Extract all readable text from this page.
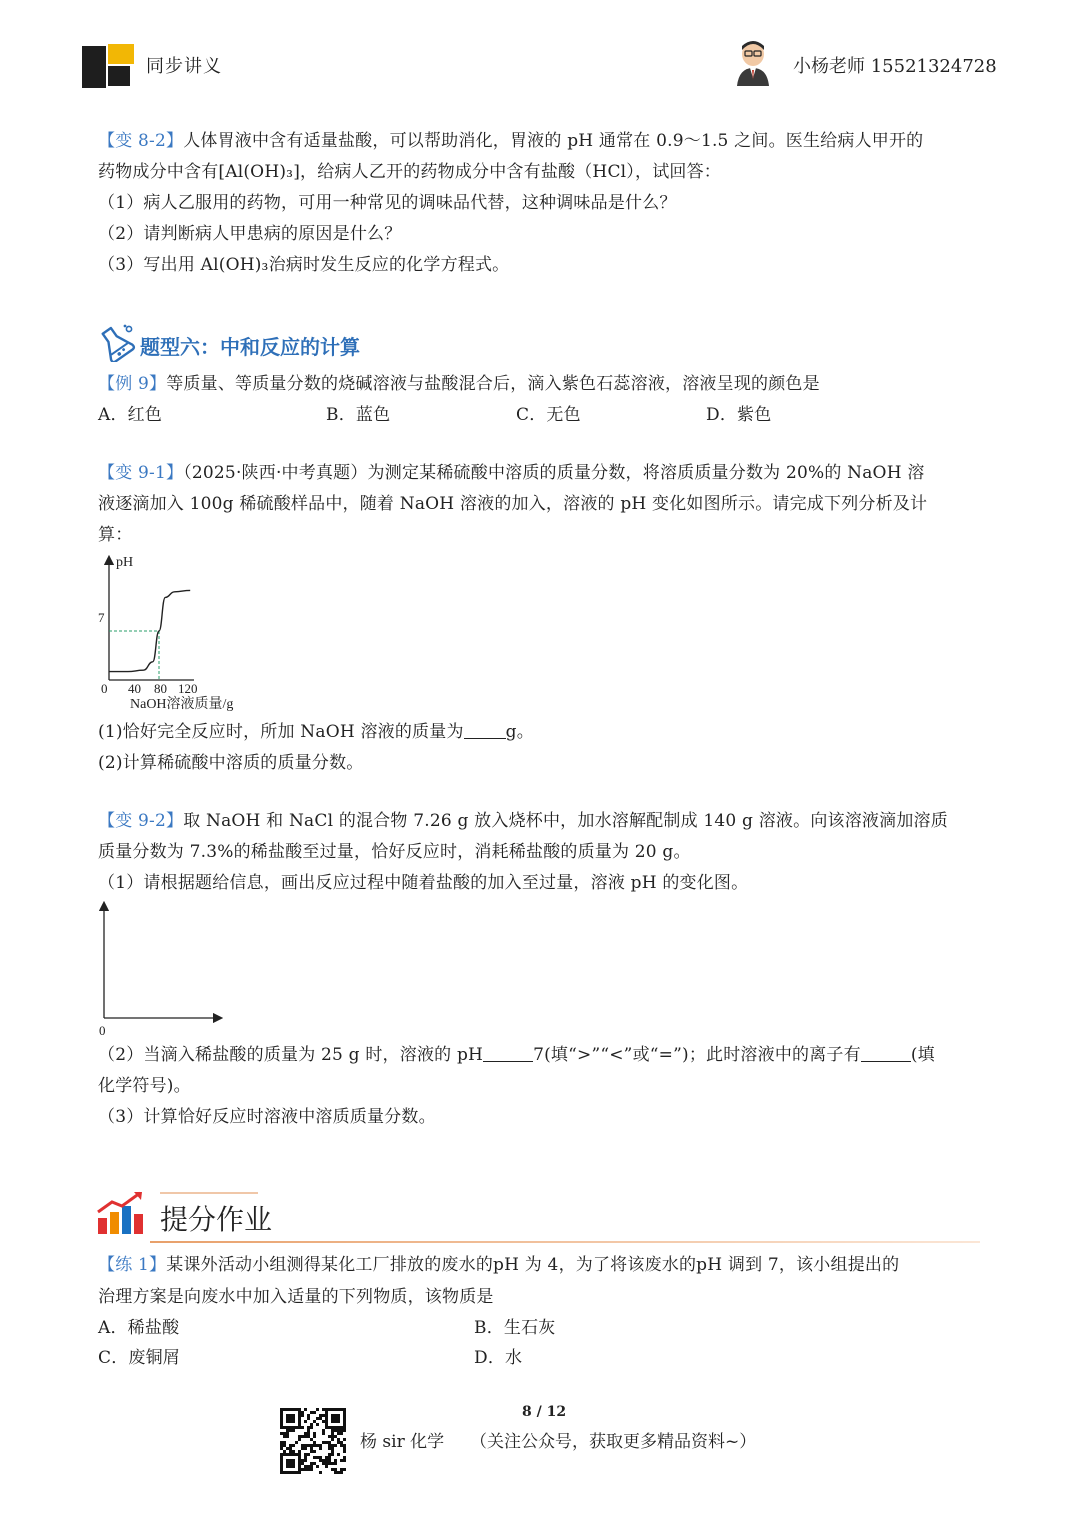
同步讲义	小杨老师 15521324728
【变 8-2】人体胃液中含有适量盐酸，可以帮助消化，胃液的 pH 通常在 0.9～1.5 之间。医生给病人甲开的
药物成分中含有[Al(OH)₃]，给病人乙开的药物成分中含有盐酸（HCl），试回答：
（1）病人乙服用的药物，可用一种常见的调味品代替，这种调味品是什么？
（2）请判断病人甲患病的原因是什么？
（3）写出用 Al(OH)₃治病时发生反应的化学方程式。
题型六：中和反应的计算
【例 9】等质量、等质量分数的烧碱溶液与盐酸混合后，滴入紫色石蕊溶液，溶液呈现的颜色是
A．红色	B．蓝色	C．无色	D．紫色
【变 9-1】（2025·陕西·中考真题）为测定某稀硫酸中溶质的质量分数，将溶质质量分数为 20%的 NaOH 溶
液逐滴加入 100g 稀硫酸样品中，随着 NaOH 溶液的加入，溶液的 pH 变化如图所示。请完成下列分析及计
算：
pH
7
0 40 80 120
NaOH溶液质量/g
(1)恰好完全反应时，所加 NaOH 溶液的质量为 g。
(2)计算稀硫酸中溶质的质量分数。
【变 9-2】取 NaOH 和 NaCl 的混合物 7.26 g 放入烧杯中，加水溶解配制成 140 g 溶液。向该溶液滴加溶质
质量分数为 7.3%的稀盐酸至过量，恰好反应时，消耗稀盐酸的质量为 20 g。
（1）请根据题给信息，画出反应过程中随着盐酸的加入至过量，溶液 pH 的变化图。
0
（2）当滴入稀盐酸的质量为 25 g 时，溶液的 pH	7(填“>”“<”或“=”)；此时溶液中的离子有	(填
化学符号)。
（3）计算恰好反应时溶液中溶质质量分数。
提分作业
【练 1】某课外活动小组测得某化工厂排放的废水的pH 为 4，为了将该废水的pH 调到 7，该小组提出的
治理方案是向废水中加入适量的下列物质，该物质是
A．稀盐酸	B．生石灰
C．废铜屑	D．水
8 / 12
杨 sir 化学 （关注公众号，获取更多精品资料~）
